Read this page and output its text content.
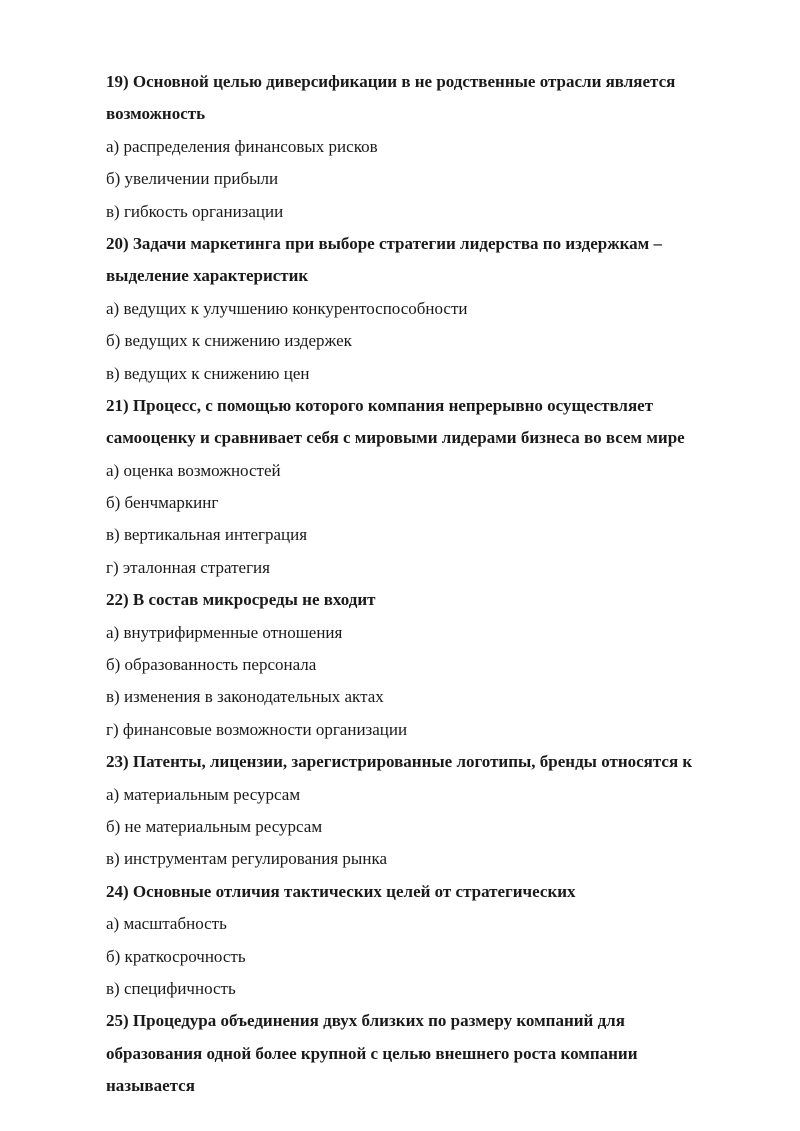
19) Основной целью диверсификации в не родственные отрасли является
возможность
а) распределения финансовых рисков
б) увеличении прибыли
в) гибкость организации
20) Задачи маркетинга при выборе стратегии лидерства по издержкам –
выделение характеристик
а) ведущих к улучшению конкурентоспособности
б) ведущих к снижению издержек
в) ведущих к снижению цен
21) Процесс, с помощью которого компания непрерывно осуществляет
самооценку и сравнивает себя с мировыми лидерами бизнеса во всем мире
а) оценка возможностей
б) бенчмаркинг
в) вертикальная интеграция
г) эталонная стратегия
22) В состав микросреды не входит
а) внутрифирменные отношения
б) образованность персонала
в) изменения в законодательных актах
г) финансовые возможности организации
23) Патенты, лицензии, зарегистрированные логотипы, бренды относятся к
а) материальным ресурсам
б) не материальным ресурсам
в) инструментам регулирования рынка
24) Основные отличия тактических целей от стратегических
а) масштабность
б) краткосрочность
в) специфичность
25) Процедура объединения двух близких по размеру компаний для
образования одной более крупной с целью внешнего роста компании
называется
